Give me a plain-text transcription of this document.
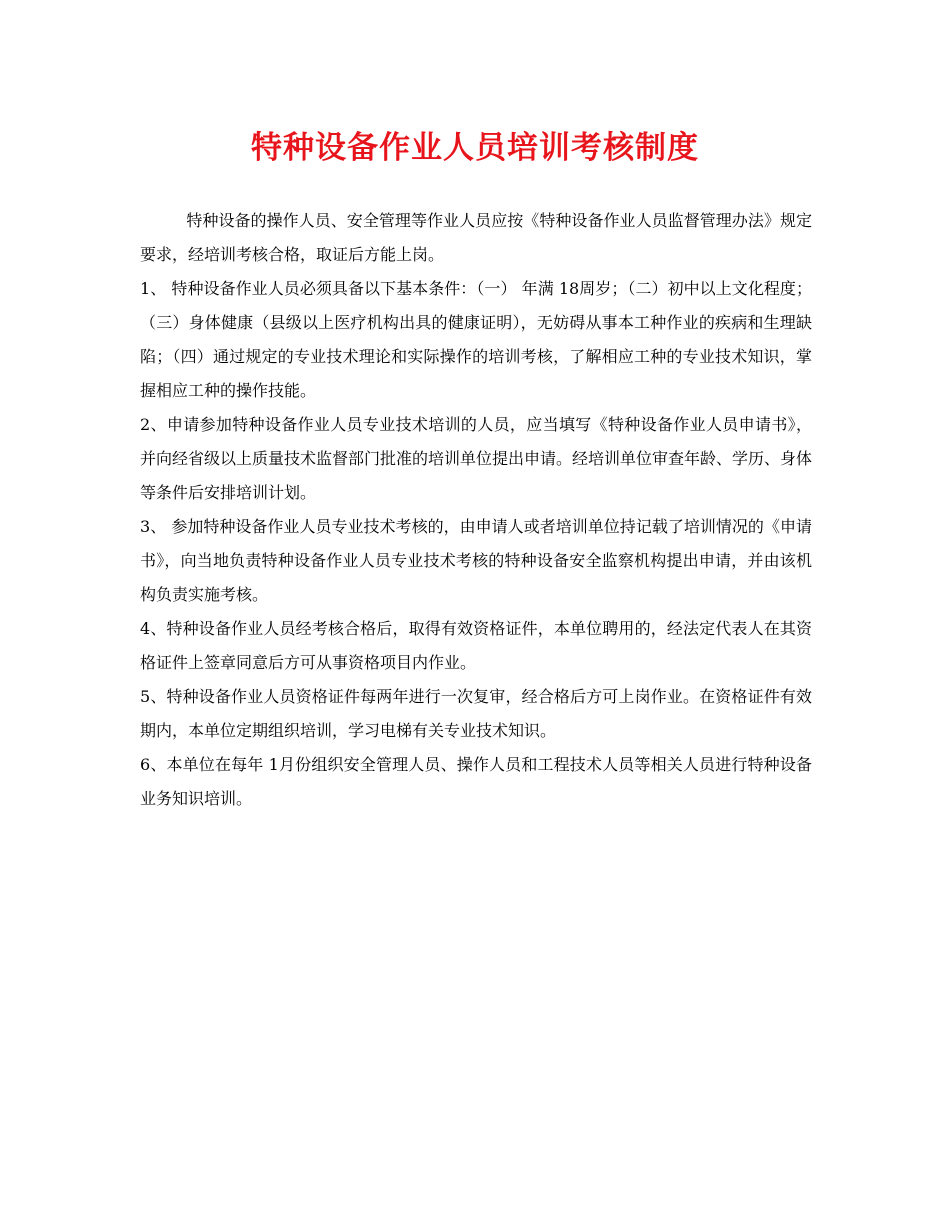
特种设备作业人员培训考核制度

特种设备的操作人员、安全管理等作业人员应按《特种设备作业人员监督管理办法》规定要求，经培训考核合格，取证后方能上岗。

1、 特种设备作业人员必须具备以下基本条件：（一） 年满 18周岁；（二）初中以上文化程度； （三）身体健康（县级以上医疗机构出具的健康证明），无妨碍从事本工种作业的疾病和生理缺陷；（四）通过规定的专业技术理论和实际操作的培训考核，了解相应工种的专业技术知识，掌握相应工种的操作技能。

2、申请参加特种设备作业人员专业技术培训的人员，应当填写《特种设备作业人员申请书》，并向经省级以上质量技术监督部门批准的培训单位提出申请。经培训单位审查年龄、学历、身体等条件后安排培训计划。

3、 参加特种设备作业人员专业技术考核的，由申请人或者培训单位持记载了培训情况的《申请书》，向当地负责特种设备作业人员专业技术考核的特种设备安全监察机构提出申请，并由该机构负责实施考核。

4、特种设备作业人员经考核合格后，取得有效资格证件，本单位聘用的，经法定代表人在其资格证件上签章同意后方可从事资格项目内作业。

5、特种设备作业人员资格证件每两年进行一次复审，经合格后方可上岗作业。在资格证件有效期内，本单位定期组织培训，学习电梯有关专业技术知识。

6、本单位在每年 1月份组织安全管理人员、操作人员和工程技术人员等相关人员进行特种设备业务知识培训。
